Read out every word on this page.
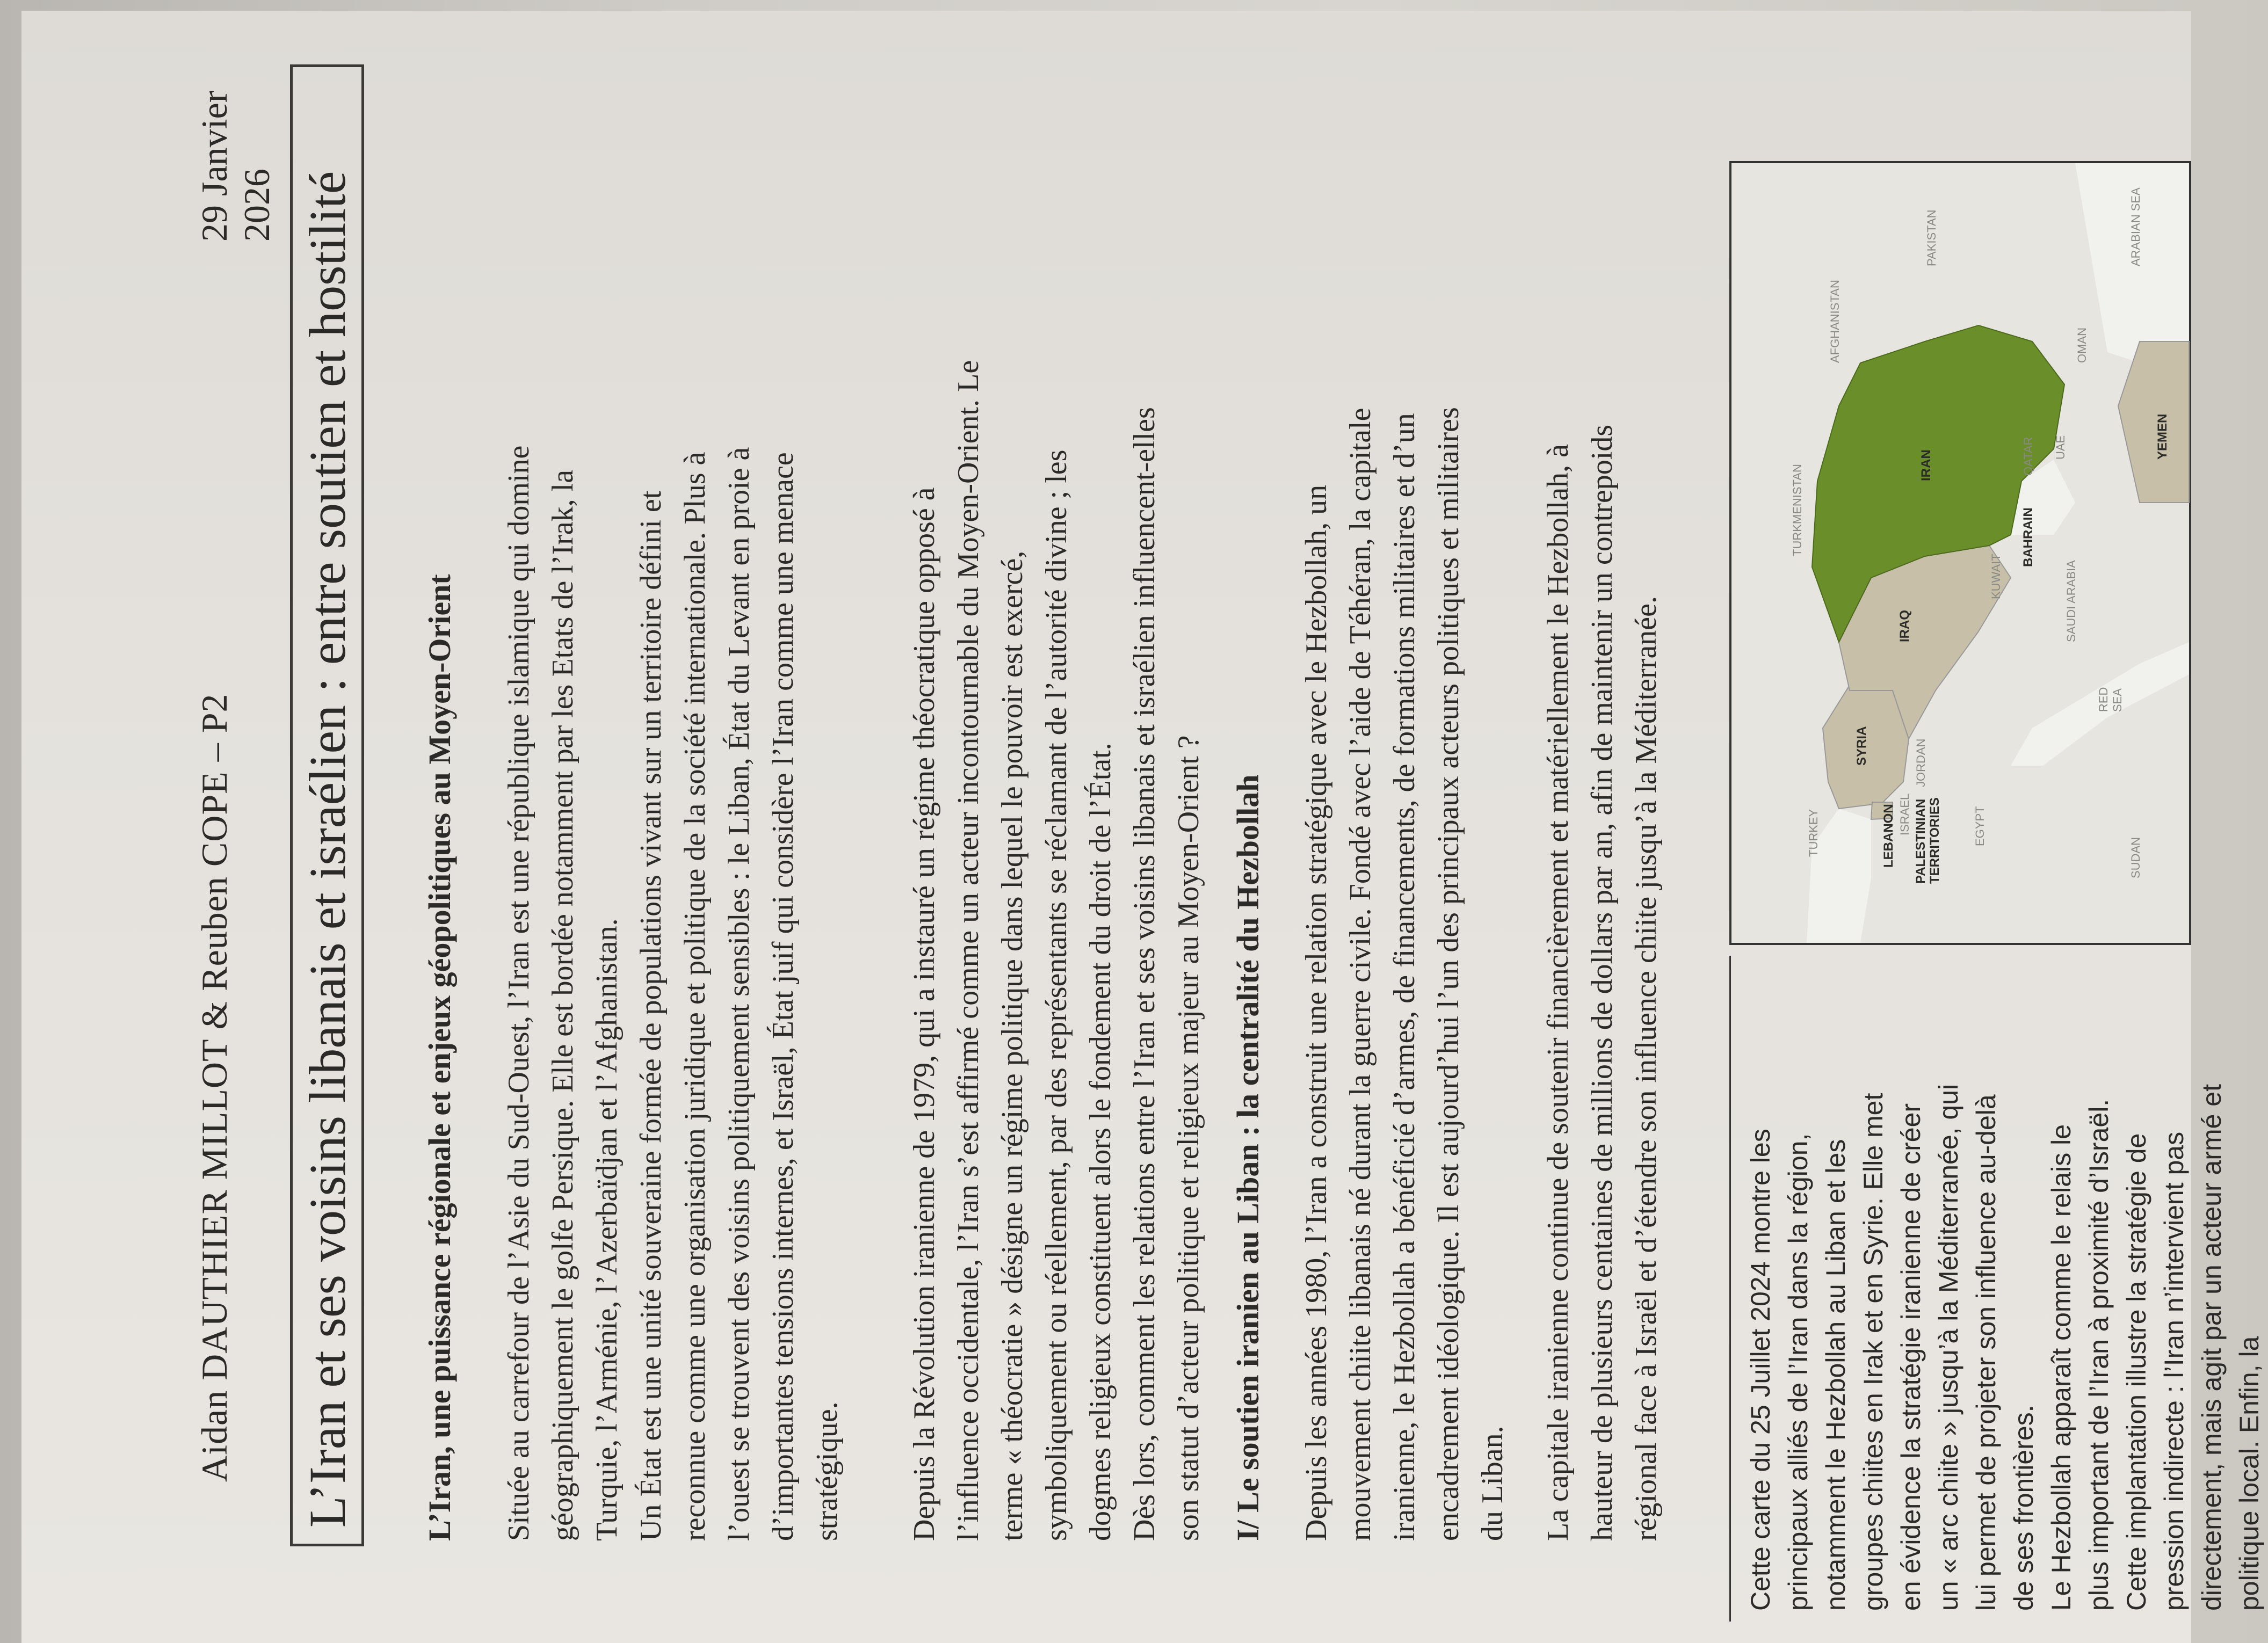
Aidan DAUTHIER MILLOT & Reuben COPE – P2
29 Janvier 2026 L’Iran et ses voisins libanais et israélien : entre soutien et hostilité L’Iran, une puissance régionale et enjeux géopolitiques au Moyen-Orient Située au carrefour de l’Asie du Sud-Ouest, l’Iran est une république islamique qui domine géographiquement le golfe Persique. Elle est bordée notamment par les Etats de l’Irak, la Turquie, l’Arménie, l’Azerbaïdjan et l’Afghanistan. Un État est une unité souveraine formée de populations vivant sur un territoire défini et reconnue comme une organisation juridique et politique de la société internationale. Plus à l’ouest se trouvent des voisins politiquement sensibles : le Liban, État du Levant en proie à d’importantes tensions internes, et Israël, État juif qui considère l’Iran comme une menace stratégique. Depuis la Révolution iranienne de 1979, qui a instauré un régime théocratique opposé à l’influence occidentale, l’Iran s’est affirmé comme un acteur incontournable du Moyen-Orient. Le terme « théocratie » désigne un régime politique dans lequel le pouvoir est exercé, symboliquement ou réellement, par des représentants se réclamant de l’autorité divine ; les dogmes religieux constituent alors le fondement du droit de l’État. Dès lors, comment les relations entre l’Iran et ses voisins libanais et israélien influencent-elles son statut d’acteur politique et religieux majeur au Moyen-Orient ? I/ Le soutien iranien au Liban : la centralité du Hezbollah Depuis les années 1980, l’Iran a construit une relation stratégique avec le Hezbollah, un mouvement chiite libanais né durant la guerre civile. Fondé avec l’aide de Téhéran, la capitale iranienne, le Hezbollah a bénéficié d’armes, de financements, de formations militaires et d’un encadrement idéologique. Il est aujourd’hui l’un des principaux acteurs politiques et militaires du Liban. La capitale iranienne continue de soutenir financièrement et matériellement le Hezbollah, à hauteur de plusieurs centaines de millions de dollars par an, afin de maintenir un contrepoids régional face à Israël et d’étendre son influence chiite jusqu’à la Méditerranée.	Cette carte du 25 Juillet 2024 montre les principaux alliés de l’Iran dans la région, notamment le Hezbollah au Liban et les groupes chiites en Irak et en Syrie. Elle met en évidence la stratégie iranienne de créer un « arc chiite » jusqu’à la Méditerranée, qui lui permet de projeter son influence au-delà de ses frontières. Le Hezbollah apparaît comme le relais le plus important de l’Iran à proximité d’Israël. Cette implantation illustre la stratégie de pression indirecte : l’Iran n’intervient pas directement, mais agit par un acteur armé et politique local. Enfin, la
TURKEY
TURKMENISTAN
AFGHANISTAN
PAKISTAN
LEBANON ISRAEL
SYRIA
IRAQ
IRAN
JORDAN
PALESTINIAN TERRITORIES	EGYPT
KUWAIT
BAHRAIN
QATAR UAE
SAUDI ARABIA
OMAN
YEMEN
SUDAN
RED SEA
ARABIAN SEA
